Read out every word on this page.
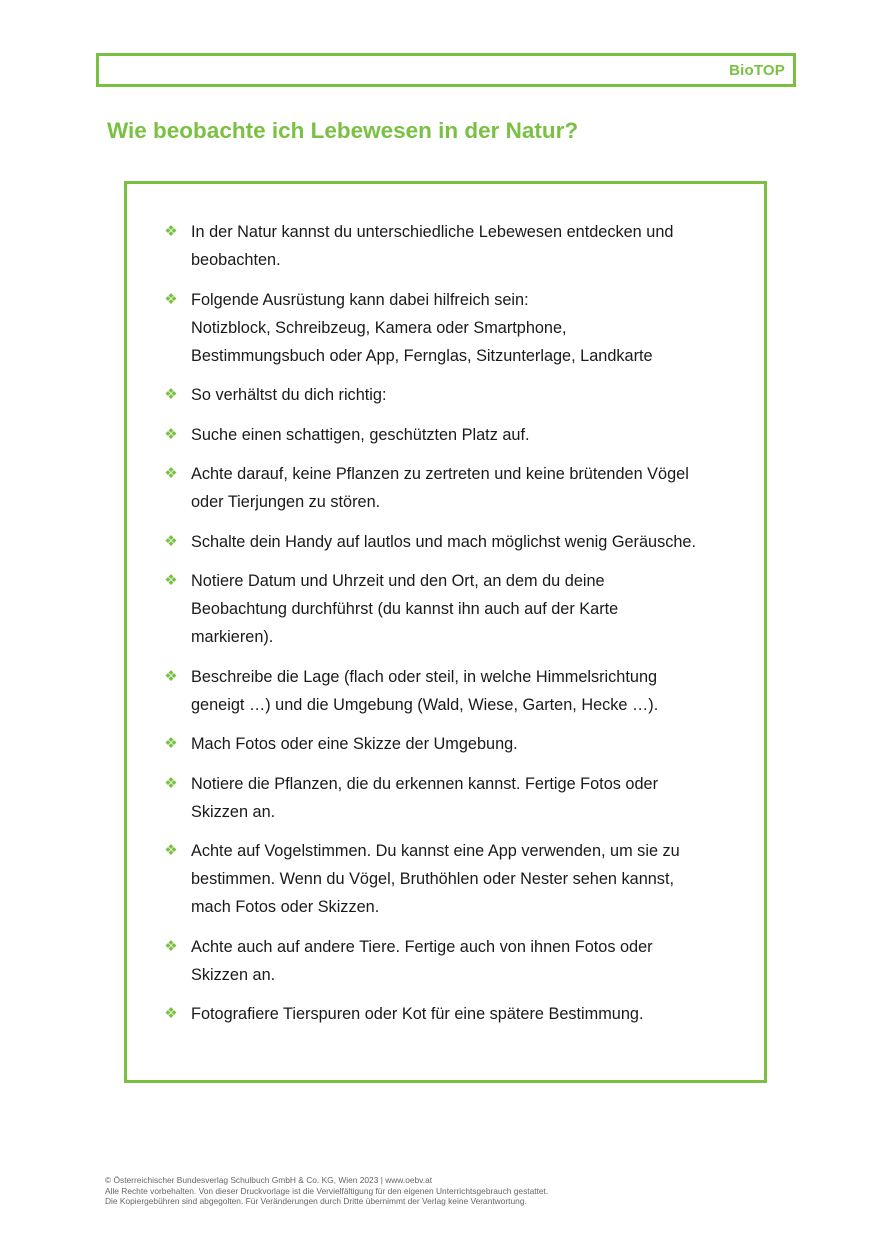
BioTOP
Wie beobachte ich Lebewesen in der Natur?
❖ In der Natur kannst du unterschiedliche Lebewesen entdecken und
beobachten.
❖ Folgende Ausrüstung kann dabei hilfreich sein:
Notizblock, Schreibzeug, Kamera oder Smartphone,
Bestimmungsbuch oder App, Fernglas, Sitzunterlage, Landkarte
❖ So verhältst du dich richtig:
❖ Suche einen schattigen, geschützten Platz auf.
❖ Achte darauf, keine Pflanzen zu zertreten und keine brütenden Vögel
oder Tierjungen zu stören.
❖ Schalte dein Handy auf lautlos und mach möglichst wenig Geräusche.
❖ Notiere Datum und Uhrzeit und den Ort, an dem du deine
Beobachtung durchführst (du kannst ihn auch auf der Karte
markieren).
❖ Beschreibe die Lage (flach oder steil, in welche Himmelsrichtung
geneigt …) und die Umgebung (Wald, Wiese, Garten, Hecke …).
❖ Mach Fotos oder eine Skizze der Umgebung.
❖ Notiere die Pflanzen, die du erkennen kannst. Fertige Fotos oder
Skizzen an.
❖ Achte auf Vogelstimmen. Du kannst eine App verwenden, um sie zu
bestimmen. Wenn du Vögel, Bruthöhlen oder Nester sehen kannst,
mach Fotos oder Skizzen.
❖ Achte auch auf andere Tiere. Fertige auch von ihnen Fotos oder
Skizzen an.
❖ Fotografiere Tierspuren oder Kot für eine spätere Bestimmung.
© Österreichischer Bundesverlag Schulbuch GmbH & Co. KG, Wien 2023 | www.oebv.at
Alle Rechte vorbehalten. Von dieser Druckvorlage ist die Vervielfältigung für den eigenen Unterrichtsgebrauch gestattet.
Die Kopiergebühren sind abgegolten. Für Veränderungen durch Dritte übernimmt der Verlag keine Verantwortung.
